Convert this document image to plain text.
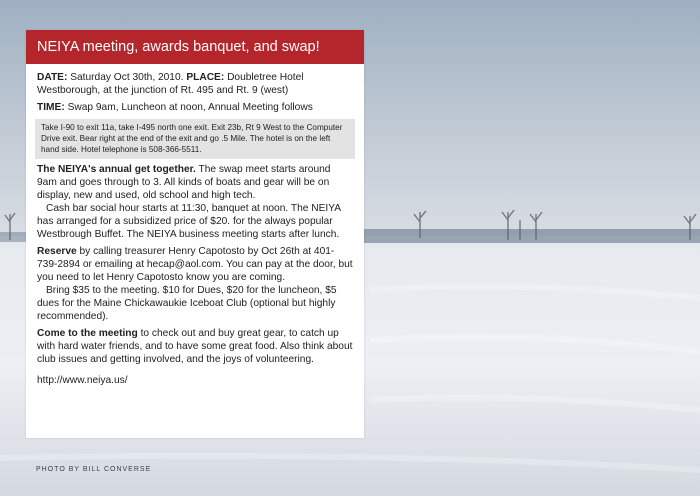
NEIYA meeting, awards banquet, and swap!

DATE: Saturday Oct 30th, 2010. PLACE: Doubletree Hotel Westborough, at the junction of Rt. 495 and Rt. 9 (west)

TIME: Swap 9am, Luncheon at noon, Annual Meeting follows

Take I-90 to exit 11a, take I-495 north one exit. Exit 23b, Rt 9 West to the Computer Drive exit. Bear right at the end of the exit and go .5 Mile. The hotel is on the left hand side. Hotel telephone is 508-366-5511.

The NEIYA's annual get together. The swap meet starts around 9am and goes through to 3. All kinds of boats and gear will be on display, new and used, old school and high tech.

Cash bar social hour starts at 11:30, banquet at noon. The NEIYA has arranged for a subsidized price of $20. for the always popular Westbrough Buffet. The NEIYA business meeting starts after lunch.

Reserve by calling treasurer Henry Capotosto by Oct 26th at 401-739-2894 or emailing at hecap@aol.com. You can pay at the door, but you need to let Henry Capotosto know you are coming.

Bring $35 to the meeting. $10 for Dues, $20 for the luncheon, $5 dues for the Maine Chickawaukie Iceboat Club (optional but highly recommended).

Come to the meeting to check out and buy great gear, to catch up with hard water friends, and to have some great food. Also think about club issues and getting involved, and the joys of volunteering.

http://www.neiya.us/

PHOTO BY BILL CONVERSE
